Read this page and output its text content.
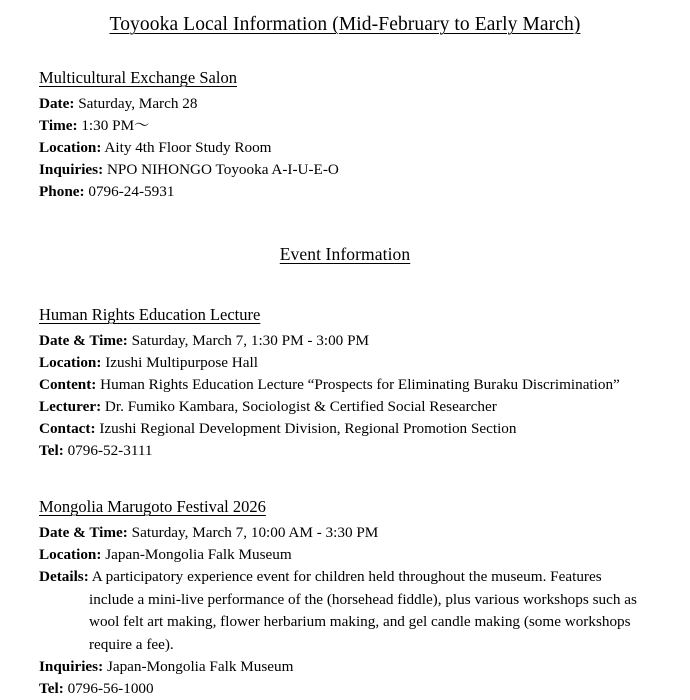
Toyooka Local Information (Mid-February to Early March)
Multicultural Exchange Salon

Date: Saturday, March 28

Time: 1:30 PM～

Location: Aity 4th Floor Study Room

Inquiries: NPO NIHONGO Toyooka A-I-U-E-O

Phone: 0796-24-5931

Event Information
Human Rights Education Lecture

Date & Time: Saturday, March 7, 1:30 PM - 3:00 PM

Location: Izushi Multipurpose Hall

Content: Human Rights Education Lecture “Prospects for Eliminating Buraku Discrimination”

Lecturer: Dr. Fumiko Kambara, Sociologist & Certified Social Researcher

Contact: Izushi Regional Development Division, Regional Promotion Section

Tel: 0796-52-3111

Mongolia Marugoto Festival 2026

Date & Time: Saturday, March 7, 10:00 AM - 3:30 PM

Location: Japan-Mongolia Falk Museum

Details: A participatory experience event for children held throughout the museum. Features include a mini-live performance of the (horsehead fiddle), plus various workshops such as wool felt art making, flower herbarium making, and gel candle making (some workshops require a fee).

Inquiries: Japan-Mongolia Falk Museum

Tel: 0796-56-1000
